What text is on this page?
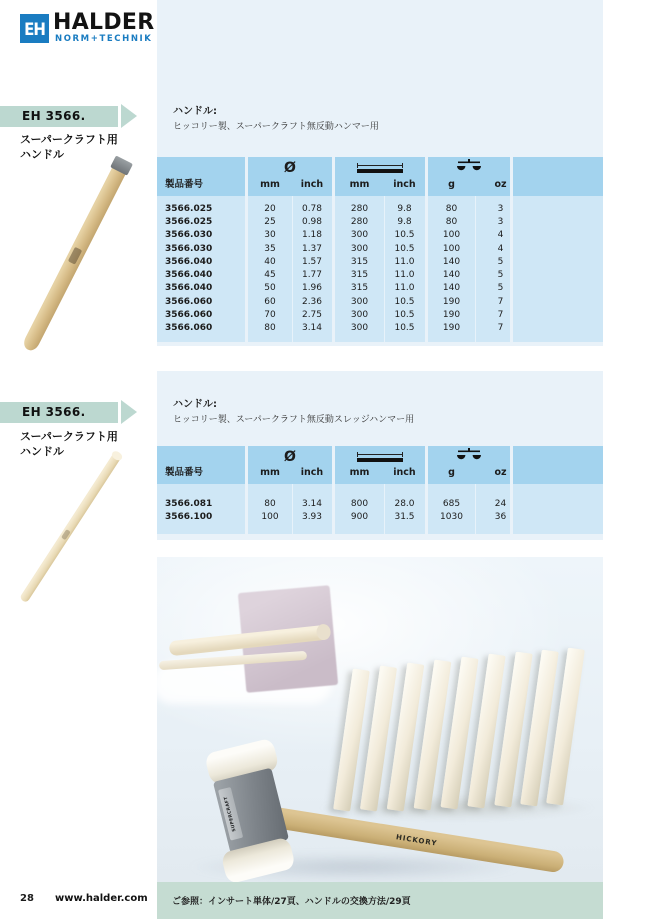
EH HALDER
NORM+TECHNIK
EH 3566.
スーパークラフト用
ハンドル
EH 3566.
スーパークラフト用
ハンドル
ハンドル:
ヒッコリー製、スーパークラフト無反動ハンマー用
製品番号
Ø
mm	inch	mm	inch	g	oz
3566.025	20	0.78	280	9.8	80	3
3566.025	25	0.98	280	9.8	80	3
3566.030	30	1.18	300	10.5	100	4
3566.030	35	1.37	300	10.5	100	4
3566.040	40	1.57	315	11.0	140	5
3566.040	45	1.77	315	11.0	140	5
3566.040	50	1.96	315	11.0	140	5
3566.060	60	2.36	300	10.5	190	7
3566.060	70	2.75	300	10.5	190	7
3566.060	80	3.14	300	10.5	190	7
ハンドル:
ヒッコリー製、スーパークラフト無反動スレッジハンマー用
製品番号
Ø
mm	inch	mm	inch	g	oz
3566.081	80	3.14	800	28.0	685	24
3566.100	100	3.93	900	31.5	1030	36
HICKORY
SUPERCRAFT
ご参照：インサート単体/27頁、ハンドルの交換方法/29頁
28 www.halder.com
